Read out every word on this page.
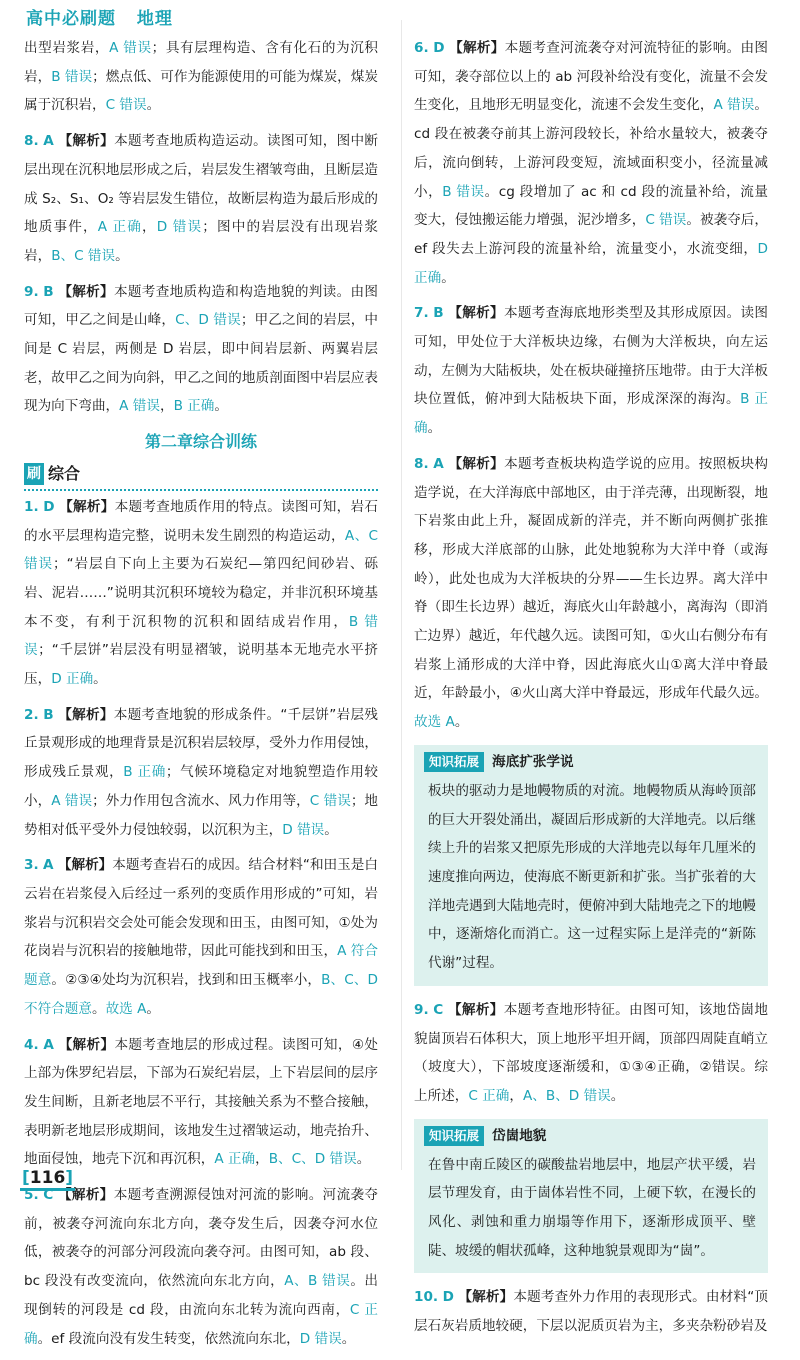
高中必刷题 地理

出型岩浆岩，A 错误；具有层理构造、含有化石的为沉积岩，B 错误；燃点低、可作为能源使用的可能为煤炭，煤炭属于沉积岩，C 错误。

8. A 【解析】本题考查地质构造运动。读图可知，图中断层出现在沉积地层形成之后，岩层发生褶皱弯曲，且断层造成 S₂、S₁、O₂ 等岩层发生错位，故断层构造为最后形成的地质事件，A 正确，D 错误；图中的岩层没有出现岩浆岩，B、C 错误。

9. B 【解析】本题考查地质构造和构造地貌的判读。由图可知，甲乙之间是山峰，C、D 错误；甲乙之间的岩层，中间是 C 岩层，两侧是 D 岩层，即中间岩层新、两翼岩层老，故甲乙之间为向斜，甲乙之间的地质剖面图中岩层应表现为向下弯曲，A 错误，B 正确。

第二章综合训练
刷 综合

1. D 【解析】本题考查地质作用的特点。读图可知，岩石的水平层理构造完整，说明未发生剧烈的构造运动，A、C 错误；“岩层自下向上主要为石炭纪—第四纪间砂岩、砾岩、泥岩……”说明其沉积环境较为稳定，并非沉积环境基本不变，有利于沉积物的沉积和固结成岩作用，B 错误；“千层饼”岩层没有明显褶皱，说明基本无地壳水平挤压，D 正确。

2. B 【解析】本题考查地貌的形成条件。“千层饼”岩层残丘景观形成的地理背景是沉积岩层较厚，受外力作用侵蚀，形成残丘景观，B 正确；气候环境稳定对地貌塑造作用较小，A 错误；外力作用包含流水、风力作用等，C 错误；地势相对低平受外力侵蚀较弱，以沉积为主，D 错误。

3. A 【解析】本题考查岩石的成因。结合材料“和田玉是白云岩在岩浆侵入后经过一系列的变质作用形成的”可知，岩浆岩与沉积岩交会处可能会发现和田玉，由图可知，①处为花岗岩与沉积岩的接触地带，因此可能找到和田玉，A 符合题意。②③④处均为沉积岩，找到和田玉概率小，B、C、D 不符合题意。故选 A。

4. A 【解析】本题考查地层的形成过程。读图可知，④处上部为侏罗纪岩层，下部为石炭纪岩层，上下岩层间的层序发生间断，且新老地层不平行，其接触关系为不整合接触，表明新老地层形成期间，该地发生过褶皱运动，地壳抬升、地面侵蚀，地壳下沉和再沉积，A 正确，B、C、D 错误。

5. C 【解析】本题考查溯源侵蚀对河流的影响。河流袭夺前，被袭夺河流向东北方向，袭夺发生后，因袭夺河水位低，被袭夺的河部分河段流向袭夺河。由图可知，ab 段、bc 段没有改变流向，依然流向东北方向，A、B 错误。出现倒转的河段是 cd 段，由流向东北转为流向西南，C 正确。ef 段流向没有发生转变，依然流向东北，D 错误。

6. D 【解析】本题考查河流袭夺对河流特征的影响。由图可知，袭夺部位以上的 ab 河段补给没有变化，流量不会发生变化，且地形无明显变化，流速不会发生变化，A 错误。cd 段在被袭夺前其上游河段较长，补给水量较大，被袭夺后，流向倒转，上游河段变短，流域面积变小，径流量减小，B 错误。cg 段增加了 ac 和 cd 段的流量补给，流量变大，侵蚀搬运能力增强，泥沙增多，C 错误。被袭夺后，ef 段失去上游河段的流量补给，流量变小，水流变细，D 正确。

7. B 【解析】本题考查海底地形类型及其形成原因。读图可知，甲处位于大洋板块边缘，右侧为大洋板块，向左运动，左侧为大陆板块，处在板块碰撞挤压地带。由于大洋板块位置低，俯冲到大陆板块下面，形成深深的海沟。B 正确。

8. A 【解析】本题考查板块构造学说的应用。按照板块构造学说，在大洋海底中部地区，由于洋壳薄，出现断裂，地下岩浆由此上升，凝固成新的洋壳，并不断向两侧扩张推移，形成大洋底部的山脉，此处地貌称为大洋中脊（或海岭），此处也成为大洋板块的分界——生长边界。离大洋中脊（即生长边界）越近，海底火山年龄越小，离海沟（即消亡边界）越近，年代越久远。读图可知，①火山右侧分布有岩浆上涌形成的大洋中脊，因此海底火山①离大洋中脊最近，年龄最小，④火山离大洋中脊最远，形成年代最久远。故选 A。

知识拓展 海底扩张学说
板块的驱动力是地幔物质的对流。地幔物质从海岭顶部的巨大开裂处涌出，凝固后形成新的大洋地壳。以后继续上升的岩浆又把原先形成的大洋地壳以每年几厘米的速度推向两边，使海底不断更新和扩张。当扩张着的大洋地壳遇到大陆地壳时，便俯冲到大陆地壳之下的地幔中，逐渐熔化而消亡。这一过程实际上是洋壳的“新陈代谢”过程。

9. C 【解析】本题考查地形特征。由图可知，该地岱崮地貌崮顶岩石体积大，顶上地形平坦开阔，顶部四周陡直峭立（坡度大），下部坡度逐渐缓和，①③④正确，②错误。综上所述，C 正确，A、B、D 错误。

知识拓展 岱崮地貌
在鲁中南丘陵区的碳酸盐岩地层中，地层产状平缓，岩层节理发育，由于崮体岩性不同，上硬下软，在漫长的风化、剥蚀和重力崩塌等作用下，逐渐形成顶平、壁陡、坡缓的帽状孤峰，这种地貌景观即为“崮”。

10. D 【解析】本题考查外力作用的表现形式。由材料“顶层石灰岩质地较硬，下层以泥质页岩为主，多夹杂粉砂岩及

[116]
